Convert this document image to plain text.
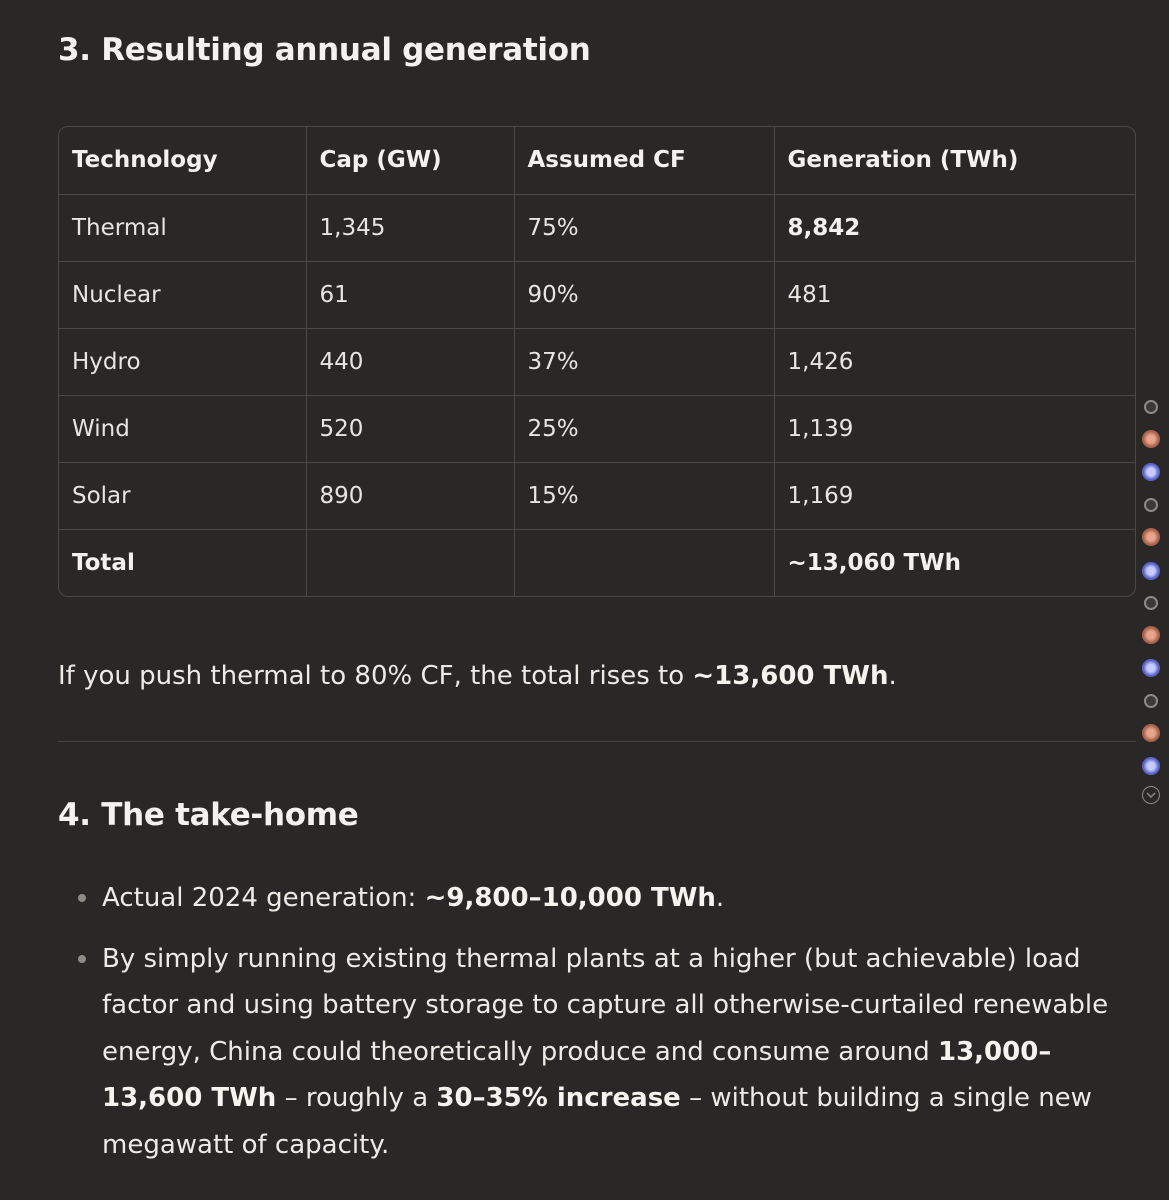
3. Resulting annual generation
Technology	Cap (GW)	Assumed CF	Generation (TWh)
Thermal	1,345	75%	8,842
Nuclear	61	90%	481
Hydro	440	37%	1,426
Wind	520	25%	1,139
Solar	890	15%	1,169
Total			~13,060 TWh

If you push thermal to 80% CF, the total rises to ~13,600 TWh.

4. The take-home
Actual 2024 generation: ~9,800–10,000 TWh.
By simply running existing thermal plants at a higher (but achievable) load factor and using battery storage to capture all otherwise-curtailed renewable energy, China could theoretically produce and consume around 13,000–13,600 TWh – roughly a 30–35% increase – without building a single new megawatt of capacity.
